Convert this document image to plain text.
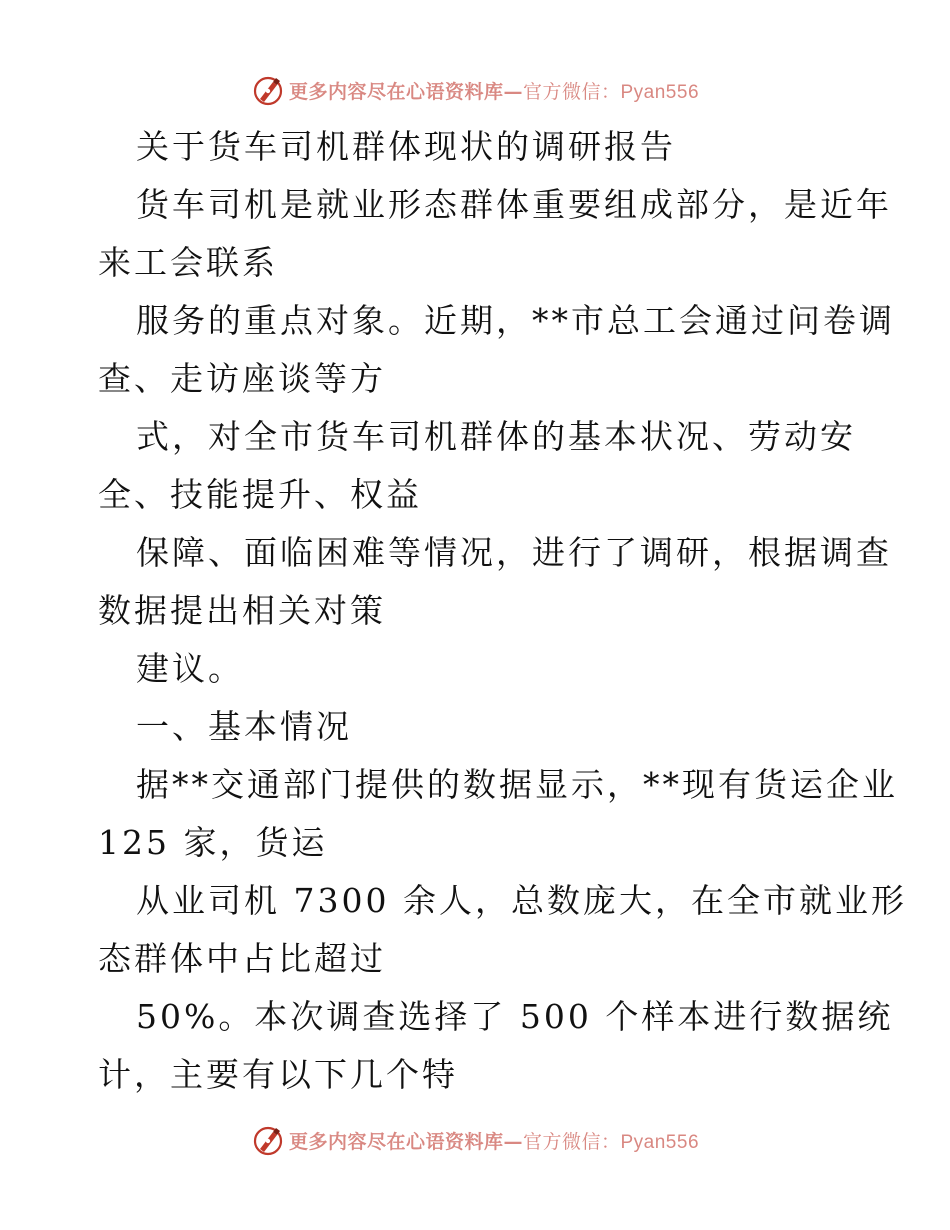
更多内容尽在心语资料库—官方微信：Pyan556
关于货车司机群体现状的调研报告
货车司机是就业形态群体重要组成部分，是近年
来工会联系
服务的重点对象。近期，**市总工会通过问卷调
查、走访座谈等方
式，对全市货车司机群体的基本状况、劳动安
全、技能提升、权益
保障、面临困难等情况，进行了调研，根据调查
数据提出相关对策
建议。
一、基本情况
据**交通部门提供的数据显示，**现有货运企业
125 家，货运
从业司机 7300 余人，总数庞大，在全市就业形
态群体中占比超过
50%。本次调查选择了 500 个样本进行数据统
计，主要有以下几个特
更多内容尽在心语资料库—官方微信：Pyan556
